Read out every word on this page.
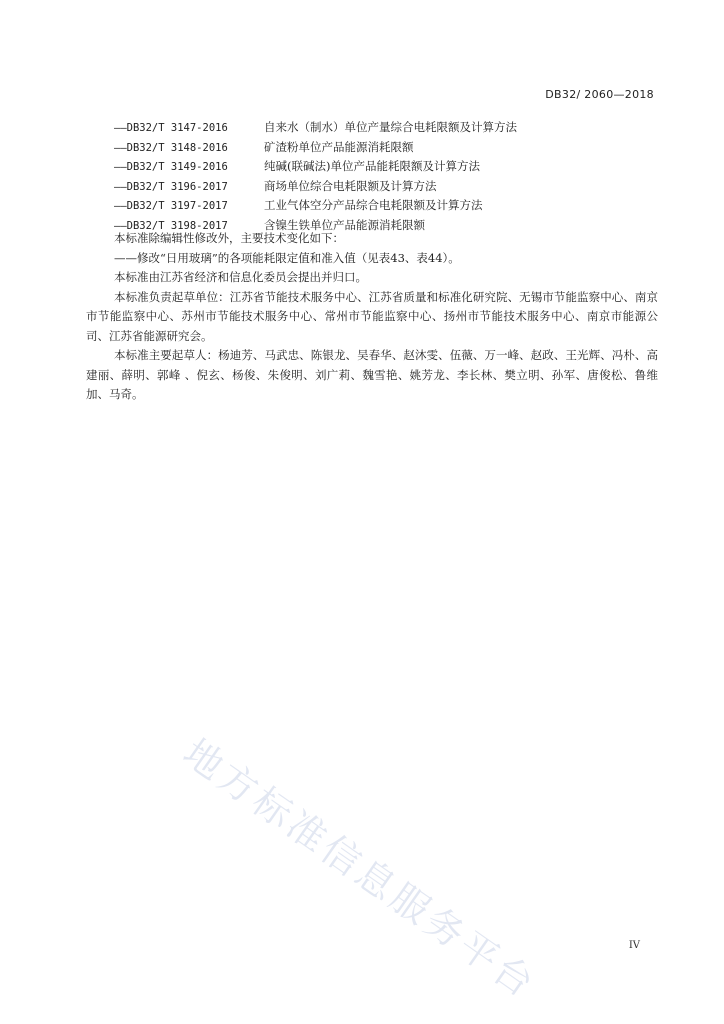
DB32/ 2060—2018
——DB32/T 3147-2016	自来水（制水）单位产量综合电耗限额及计算方法
——DB32/T 3148-2016	矿渣粉单位产品能源消耗限额
——DB32/T 3149-2016	纯碱(联碱法)单位产品能耗限额及计算方法
——DB32/T 3196-2017	商场单位综合电耗限额及计算方法
——DB32/T 3197-2017	工业气体空分产品综合电耗限额及计算方法
——DB32/T 3198-2017	含镍生铁单位产品能源消耗限额

本标准除编辑性修改外，主要技术变化如下：

——修改“日用玻璃”的各项能耗限定值和准入值（见表43、表44）。

本标准由江苏省经济和信息化委员会提出并归口。

本标准负责起草单位：江苏省节能技术服务中心、江苏省质量和标准化研究院、无锡市节能监察中心、南京市节能监察中心、苏州市节能技术服务中心、常州市节能监察中心、扬州市节能技术服务中心、南京市能源公司、江苏省能源研究会。

本标准主要起草人：杨迪芳、马武忠、陈银龙、吴春华、赵沐雯、伍薇、万一峰、赵政、王光辉、冯朴、高建丽、薛明、郭峰 、倪玄、杨俊、朱俊明、刘广莉、魏雪艳、姚芳龙、李长林、樊立明、孙军、唐俊松、鲁维加、马奇。

地方标准信息服务平台	IV
